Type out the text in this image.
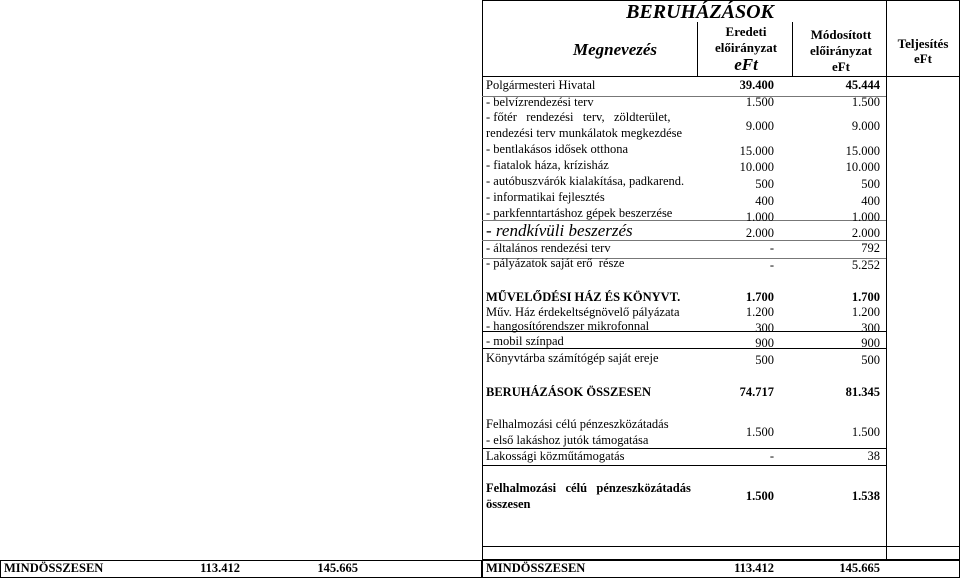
BERUHÁZÁSOK
Megnevezés
Eredeti
előirányzat
eFt
Módosított
előirányzat
eFt
Teljesítés
eFt
Polgármesteri Hivatal	39.400	45.444
- belvízrendezési terv	1.500	1.500
- főtér   rendezési   terv,   zöldterület,
rendezési terv munkálatok megkezdése	9.000	9.000
- bentlakásos idősek otthona	15.000	15.000
- fiatalok háza, krízisház	10.000	10.000
- autóbuszvárók kialakítása, padkarend.	500	500
- informatikai fejlesztés	400	400
- parkfenntartáshoz gépek beszerzése	1.000	1.000
- rendkívüli beszerzés	2.000	2.000
- általános rendezési terv	-	792
- pályázatok saját erő  része	-	5.252
MŰVELŐDÉSI HÁZ ÉS KÖNYVT.	1.700	1.700
Műv. Ház érdekeltségnövelő pályázata	1.200	1.200
- hangosítórendszer mikrofonnal	300	300
- mobil színpad	900	900
Könyvtárba számítógép saját ereje	500	500
BERUHÁZÁSOK ÖSSZESEN	74.717	81.345
Felhalmozási célú pénzeszközátadás
- első lakáshoz jutók támogatása
1.500	1.500
Lakossági közműtámogatás	-	38
Felhalmozási   célú   pénzeszközátadás
összesen
1.500	1.538
MINDÖSSZESEN	113.412	145.665	MINDÖSSZESEN	113.412	145.665
